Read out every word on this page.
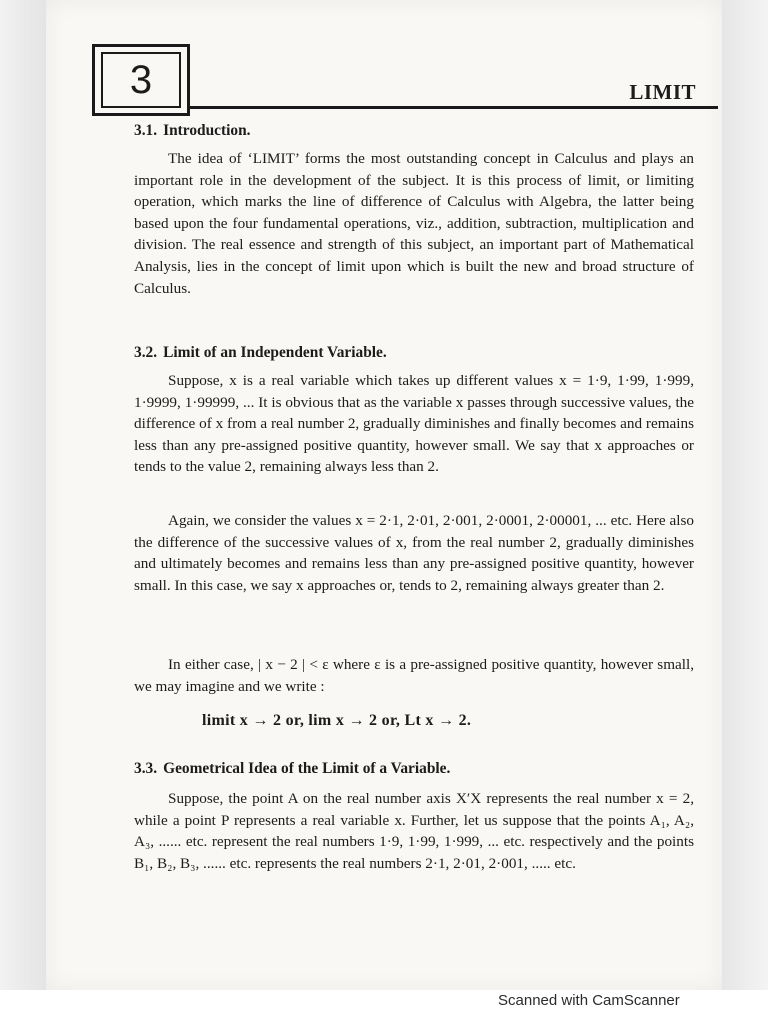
3	LIMIT
3.1. Introduction.

The idea of ‘LIMIT’ forms the most outstanding concept in Calculus and plays an important role in the development of the subject. It is this process of limit, or limiting operation, which marks the line of difference of Calculus with Algebra, the latter being based upon the four fundamental operations, viz., addition, subtraction, multiplication and division. The real essence and strength of this subject, an important part of Mathematical Analysis, lies in the concept of limit upon which is built the new and broad structure of Calculus.

3.2. Limit of an Independent Variable.

Suppose, x is a real variable which takes up different values x = 1·9, 1·99, 1·999, 1·9999, 1·99999, ... It is obvious that as the variable x passes through successive values, the difference of x from a real number 2, gradually diminishes and finally becomes and remains less than any pre-assigned positive quantity, however small. We say that x approaches or tends to the value 2, remaining always less than 2.

Again, we consider the values x = 2·1, 2·01, 2·001, 2·0001, 2·00001, ... etc. Here also the difference of the successive values of x, from the real number 2, gradually diminishes and ultimately becomes and remains less than any pre-assigned positive quantity, however small. In this case, we say x approaches or, tends to 2, remaining always greater than 2.

In either case, | x − 2 | < ε where ε is a pre-assigned positive quantity, however small, we may imagine and we write :

limit x → 2 or, lim x → 2 or, Lt x → 2.
3.3. Geometrical Idea of the Limit of a Variable.

Suppose, the point A on the real number axis X′X represents the real number x = 2, while a point P represents a real variable x. Further, let us suppose that the points A₁, A₂, A₃, ...... etc. represent the real numbers 1·9, 1·99, 1·999, ... etc. respectively and the points B₁, B₂, B₃, ...... etc. represents the real numbers 2·1, 2·01, 2·001, ..... etc.

Scanned with CamScanner
